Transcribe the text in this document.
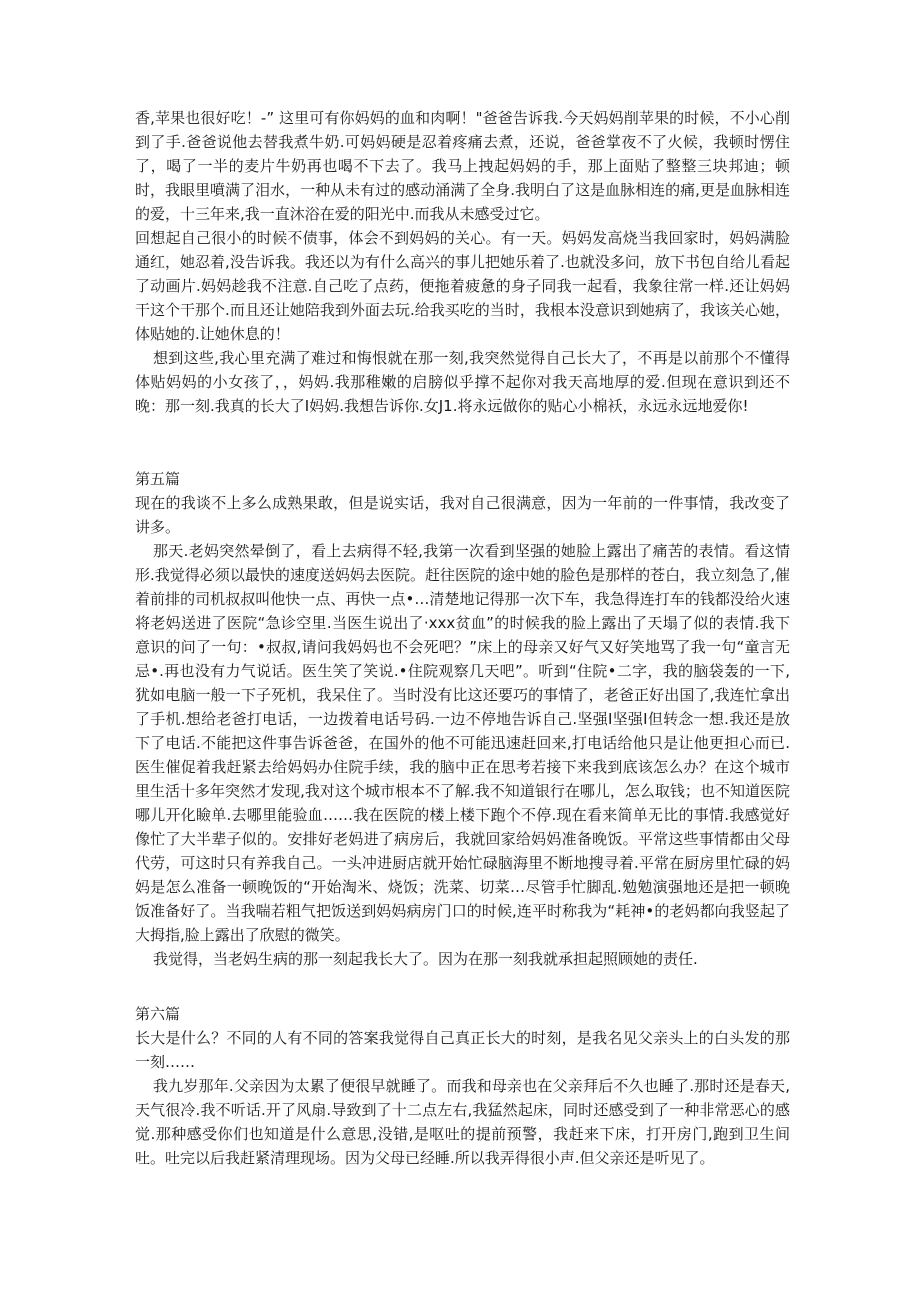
香,苹果也很好吃！-” 这里可有你妈妈的血和肉啊！"爸爸告诉我.今天妈妈削苹果的时候，不小心削到了手.爸爸说他去替我煮牛奶.可妈妈硬是忍着疼痛去煮，还说，爸爸掌夜不了火候，我顿时愣住了，喝了一半的麦片牛奶再也喝不下去了。我马上拽起妈妈的手，那上面贴了整整三块邦迪；顿时，我眼里噴满了泪水，一种从未有过的感动涌满了全身.我明白了这是血脉相连的痛,更是血脉相连的爱，十三年来,我一直沐浴在爱的阳光中.而我从未感受过它。

回想起自己很小的时候不债事，体会不到妈妈的关心。有一天。妈妈发高烧当我回家时，妈妈满脸通红，她忍着,没告诉我。我还以为有什么高兴的事儿把她乐着了.也就没多问，放下书包自给儿看起了动画片.妈妈趁我不注意.自己吃了点药，便拖着疲惫的身子同我一起看，我象往常一样.还让妈妈干这个干那个.而且还让她陪我到外面去玩.给我买吃的当时，我根本没意识到她病了，我该关心她，体贴她的.让她休息的！

想到这些,我心里充满了难过和悔恨就在那一刻,我突然觉得自己长大了，不再是以前那个不懂得体贴妈妈的小女孩了，，妈妈.我那稚嫩的启膀似乎撑不起你对我天高地厚的爱.但现在意识到还不晚：那一刻.我真的长大了I妈妈.我想告诉你.女J1.将永远做你的贴心小棉袄，永远永远地爱你!

第五篇

现在的我谈不上多么成熟果敢，但是说实话，我对自己很满意，因为一年前的一件事情，我改变了讲多。

那天.老妈突然晕倒了，看上去病得不轻,我第一次看到坚强的她脸上露出了痛苦的表情。看这情形.我觉得必须以最快的速度送妈妈去医院。赶往医院的途中她的脸色是那样的苍白，我立刻急了,催着前排的司机叔叔叫他快一点、再快一点•…清楚地记得那一次下车，我急得连打车的钱都没给火速将老妈送进了医院“急诊空里.当医生说出了·xxx贫血”的时候我的脸上露出了天塌了似的表情.我下意识的问了一句：•叔叔,请问我妈妈也不会死吧？”床上的母亲又好气又好笑地骂了我一句“童言无忌•.再也没有力气说话。医生笑了笑说.•住院观察几天吧”。听到“住院•二字，我的脑袋轰的一下,犹如电脑一般一下子死机，我呆住了。当时没有比这还要巧的事情了，老爸正好出国了,我连忙拿出了手机.想给老爸打电话，一边拨着电话号码.一边不停地告诉自己.坚强I坚强I但转念一想.我还是放下了电话.不能把这件事告诉爸爸，在国外的他不可能迅速赶回来,打电话给他只是让他更担心而已.医生催促着我赶紧去给妈妈办住院手续，我的脑中正在思考若接下来我到底该怎么办？在这个城市里生活十多年突然才发现,我对这个城市根本不了解.我不知道银行在哪儿，怎么取钱；也不知道医院哪儿开化瞼单.去哪里能验血……我在医院的楼上楼下跑个不停.现在看来简单无比的事情.我感觉好像忙了大半辈子似的。安排好老妈进了病房后，我就回家给妈妈准备晚饭。平常这些事情都由父母代劳，可这时只有养我自己。一头冲进厨店就开始忙碌脑海里不断地搜寻着.平常在厨房里忙碌的妈妈是怎么准备一顿晚饭的“开始淘米、烧饭；洗菜、切菜…尽管手忙脚乱.勉勉演强地还是把一顿晚饭准备好了。当我喘若粗气把饭送到妈妈病房门口的时候,连平时称我为“耗神•的老妈都向我竖起了大拇指,脸上露出了欣慰的微笑。

我觉得，当老妈生病的那一刻起我长大了。因为在那一刻我就承担起照顾她的责任.

第六篇

长大是什么？不同的人有不同的答案我觉得自己真正长大的时刻，是我名见父亲头上的白头发的那一刻……

我九岁那年.父亲因为太累了便很早就睡了。而我和母亲也在父亲拜后不久也睡了.那时还是春天,天气很冷.我不听话.开了风扇.导致到了十二点左右,我猛然起床，同时还感受到了一种非常恶心的感觉.那种感受你们也知道是什么意思,没错,是呕吐的提前预警，我赶来下床，打开房门,跑到卫生间吐。吐完以后我赶紧清理现场。因为父母已经睡.所以我弄得很小声.但父亲还是听见了。
